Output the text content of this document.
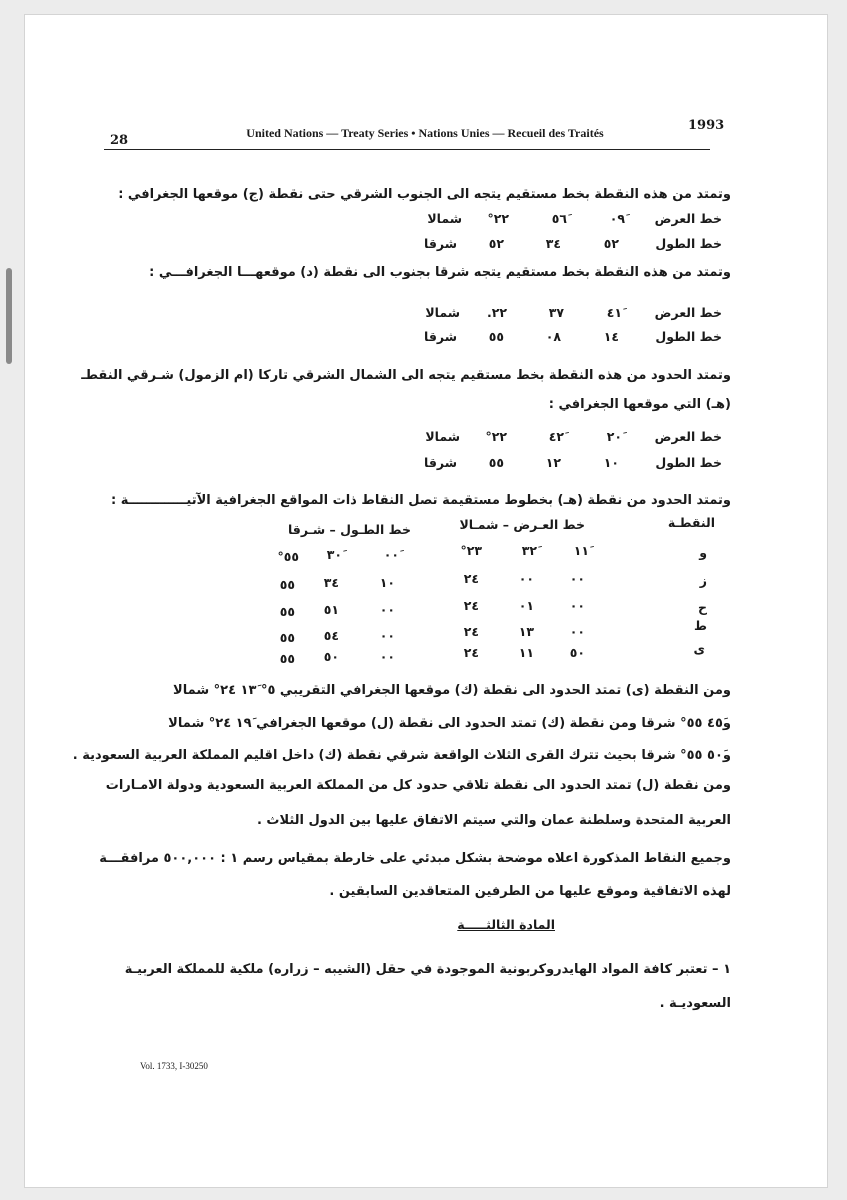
28	United Nations — Treaty Series • Nations Unies — Recueil des Traités	1993
وتمتد من هذه النقطة بخط مستقيم يتجه الى الجنوب الشرقي حتى نقطة (ج) موقعها الجغرافي :
خط العرض
٠٩َ
٥٦َ
٢٢°
شمالا
خط الطول
٥٢
٣٤
٥٢
شرقا
وتمتد من هذه النقطة بخط مستقيم يتجه شرقا بجنوب الى نقطة (د) موقعهـــا الجغرافـــي :
خط العرض
٤١َ
٣٧
٢٢.
شمالا
خط الطول
١٤
٠٨
٥٥
شرقا
وتمتد الحدود من هذه النقطة بخط مستقيم يتجه الى الشمال الشرقي تاركا (ام الزمول) شـرقي النقطـ
(هـ) التي موقعها الجغرافي :
خط العرض
٢٠َ
٤٢َ
٢٢°
شمالا
خط الطول
١٠
١٢
٥٥
شرقا
وتمتد الحدود من نقطة (هـ) بخطوط مستقيمة تصل النقاط ذات المواقع الجغرافية الآتيـــــــــــــة :
النقطـة
خط العـرض – شمـالا
خط الطـول – شـرقا
و
١١َ
٣٢َ
٢٣°
٠٠َ
٣٠َ
٥٥°
ز
٠٠
٠٠
٢٤
١٠
٣٤
٥٥
ح
٠٠
٠١
٢٤
٠٠
٥١
٥٥
ط
٠٠
١٣
٢٤
٠٠
٥٤
٥٥
ى
٥٠
١١
٢٤
٠٠
٥٠
٥٥
ومن النقطة (ى) تمتد الحدود الى نقطة (ك) موقعها الجغرافي التقريبي ٥° ١٣َ ٢٤° شمالا
و٤٥َ ٥٥° شرقا ومن نقطة (ك) تمتد الحدود الى نقطة (ل) موقعها الجغرافي ١٩َ ٢٤° شمالا
و٥٠َ ٥٥° شرقا بحيث تترك القرى الثلاث الواقعة شرقي نقطة (ك) داخل اقليم المملكة العربية السعودية .
ومن نقطة (ل) تمتد الحدود الى نقطة تلاقي حدود كل من المملكة العربية السعودية ودولة الامـارات
العربية المتحدة وسلطنة عمان والتي سيتم الاتفاق عليها بين الدول الثلاث .
وجميع النقاط المذكورة اعلاه موضحة بشكل مبدئي على خارطة بمقياس رسم ١ : ٥٠٠,٠٠٠ مرافقـــة
لهذه الاتفاقية وموقع عليها من الطرفين المتعاقدين السابقين .
المادة الثالثـــــة
١ – تعتبر كافة المواد الهايدروكربونية الموجودة في حقل (الشيبه – زراره) ملكية للمملكة العربيـة
السعوديـة .
Vol. 1733, I-30250
